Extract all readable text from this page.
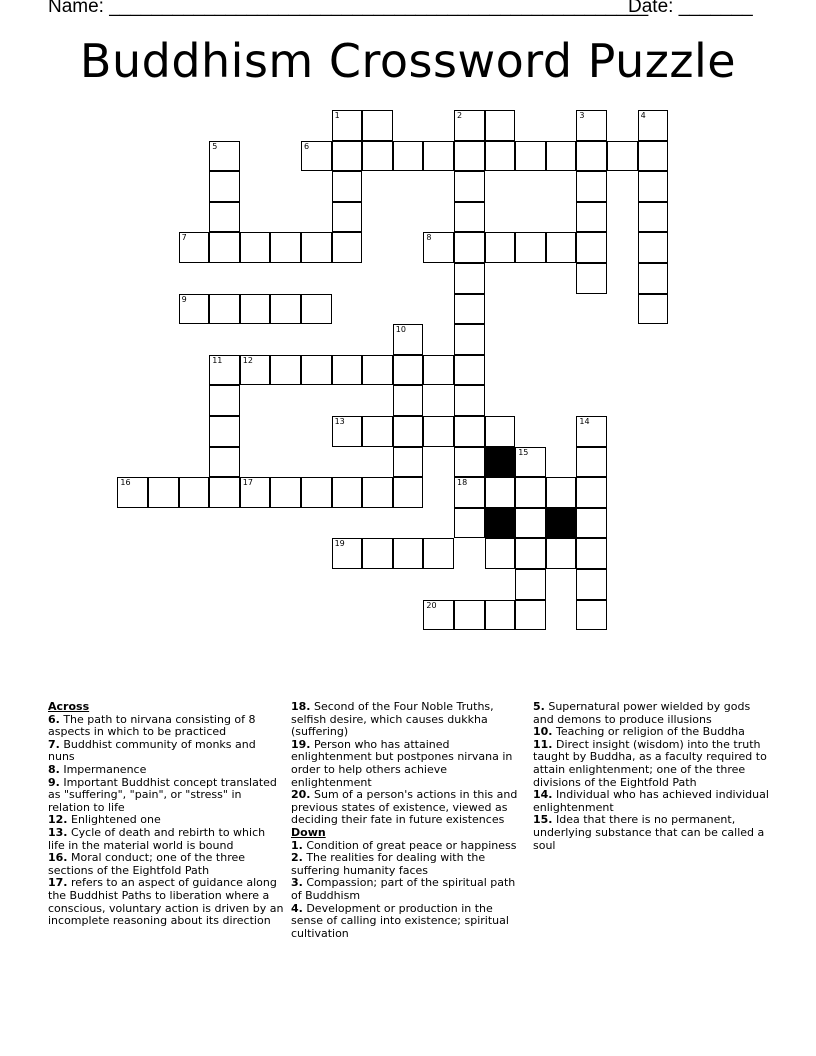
Name: ___________________________________________________
Date: _______
Buddhism Crossword Puzzle
1	2	3	4
5	6
7	8
9
10
11	12
13	14
15
16	17	18
19
20
Across
6. The path to nirvana consisting of 8 aspects in which to be practiced
7. Buddhist community of monks and nuns
8. Impermanence
9. Important Buddhist concept translated as "suffering", "pain", or "stress" in relation to life
12. Enlightened one
13. Cycle of death and rebirth to which life in the material world is bound
16. Moral conduct; one of the three sections of the Eightfold Path
17. refers to an aspect of guidance along the Buddhist Paths to liberation where a conscious, voluntary action is driven by an incomplete reasoning about its direction
18. Second of the Four Noble Truths, selfish desire, which causes dukkha (suffering)
19. Person who has attained enlightenment but postpones nirvana in order to help others achieve enlightenment
20. Sum of a person's actions in this and previous states of existence, viewed as deciding their fate in future existences
Down
1. Condition of great peace or happiness
2. The realities for dealing with the suffering humanity faces
3. Compassion; part of the spiritual path of Buddhism
4. Development or production in the sense of calling into existence; spiritual cultivation
5. Supernatural power wielded by gods and demons to produce illusions
10. Teaching or religion of the Buddha
11. Direct insight (wisdom) into the truth taught by Buddha, as a faculty required to attain enlightenment; one of the three divisions of the Eightfold Path
14. Individual who has achieved individual enlightenment
15. Idea that there is no permanent, underlying substance that can be called a soul
